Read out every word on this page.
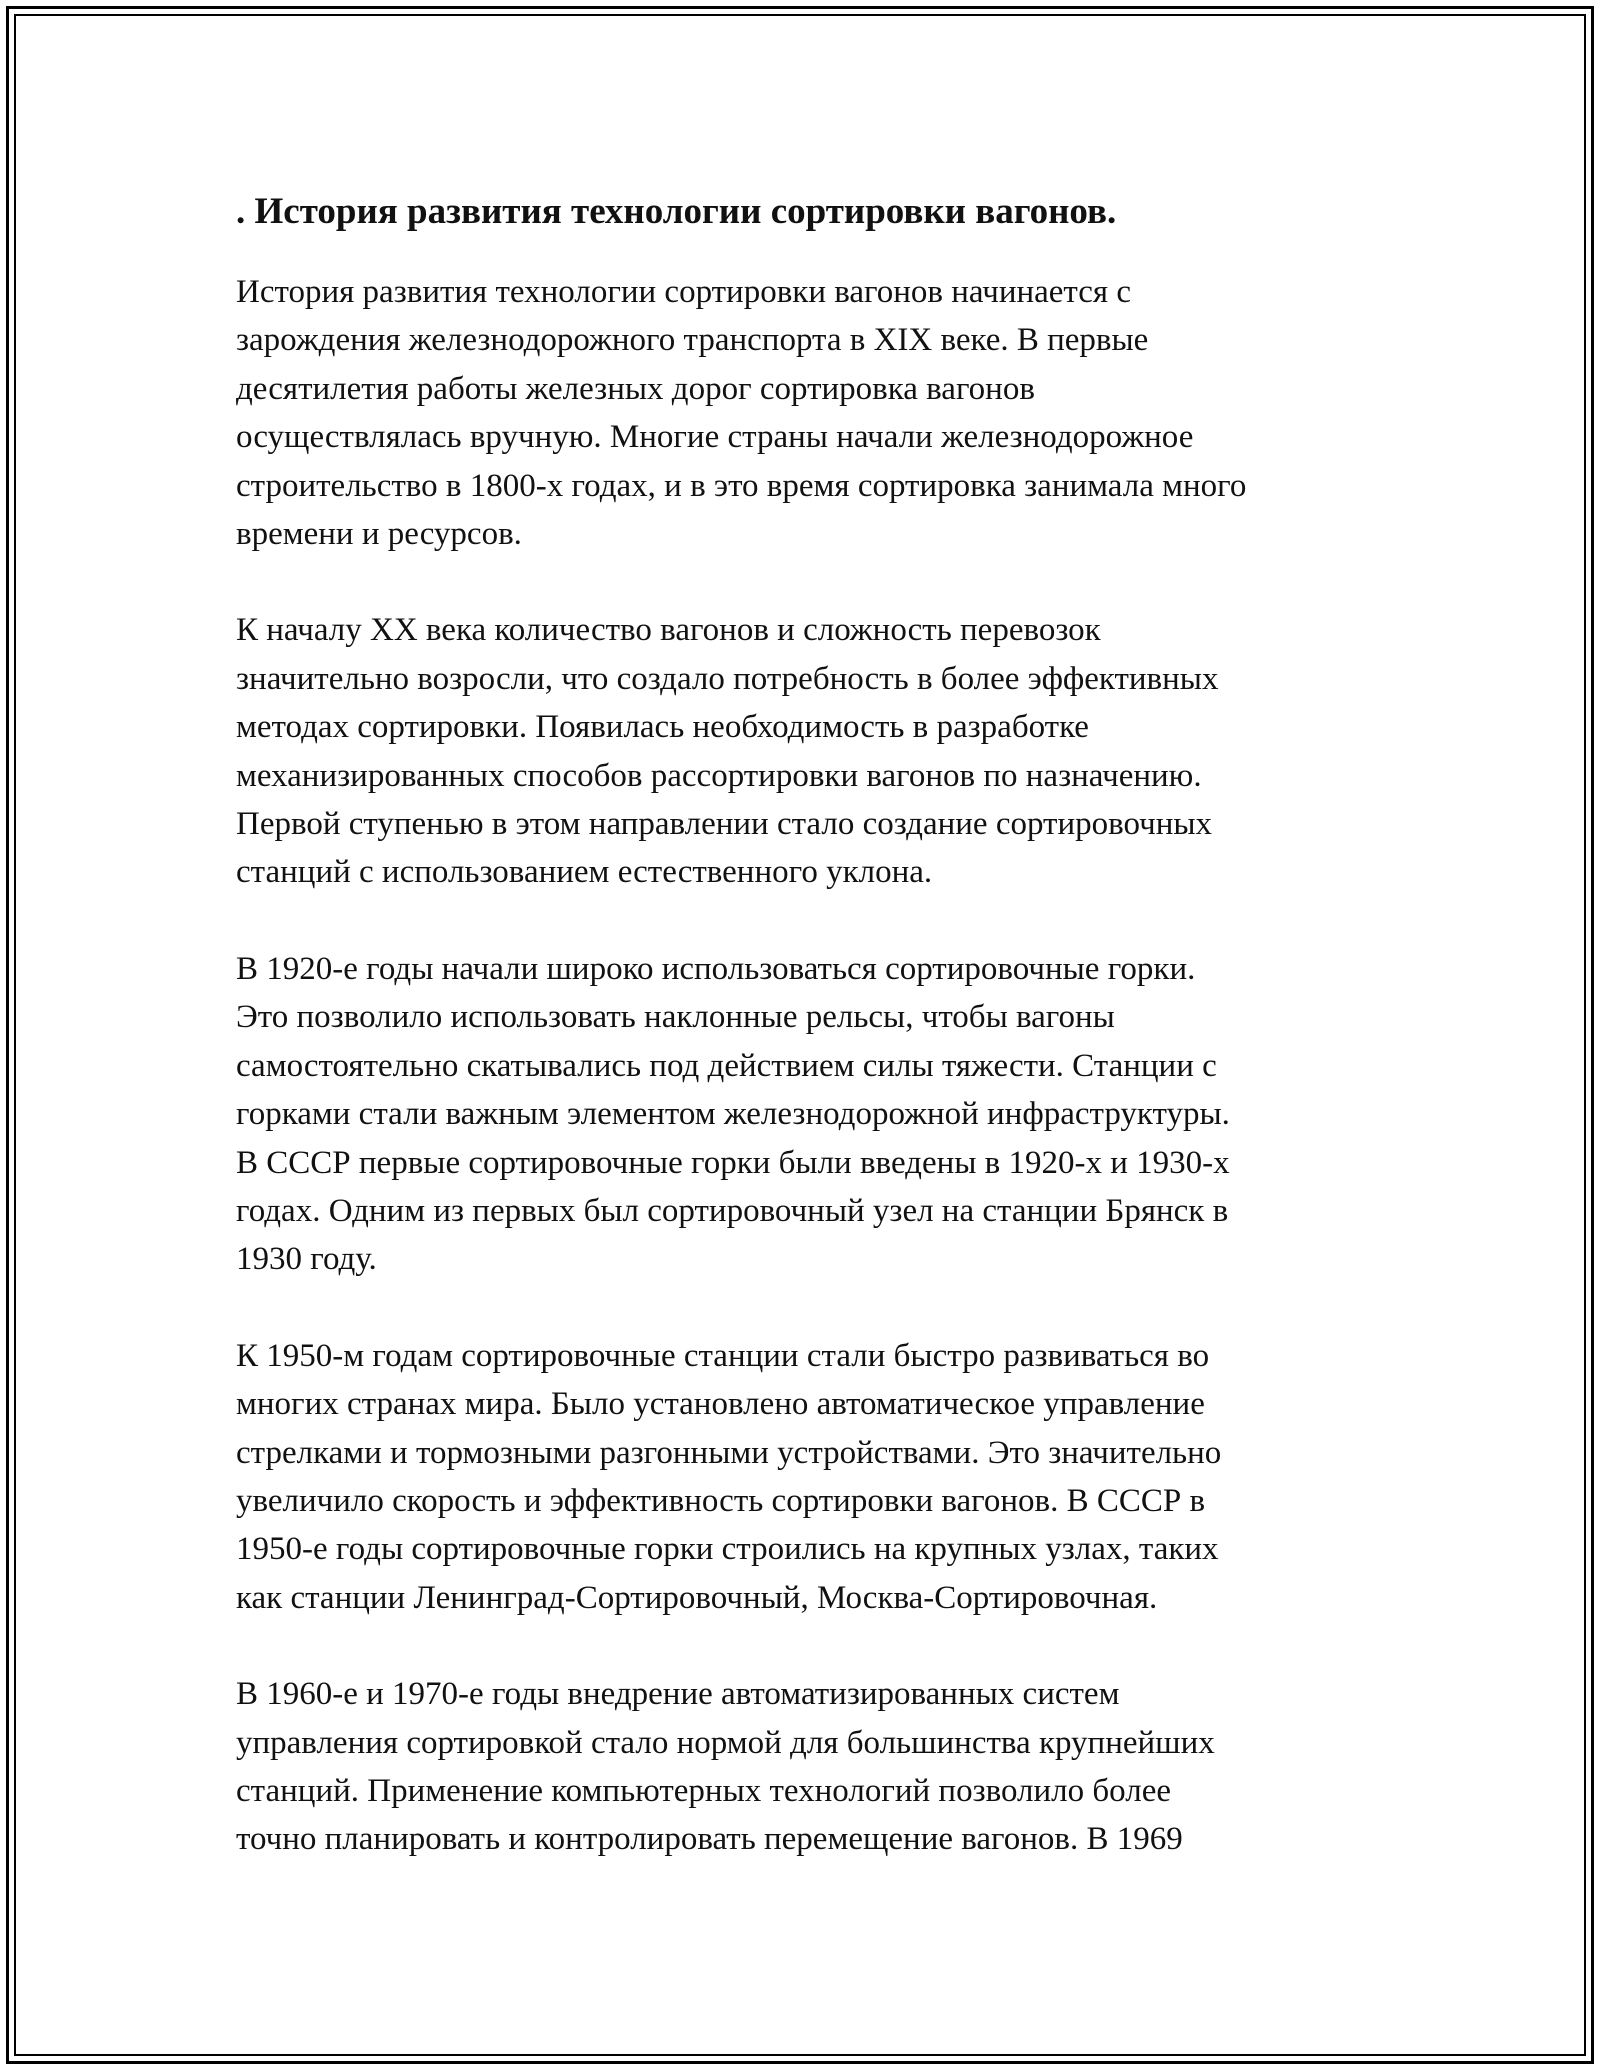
. История развития технологии сортировки вагонов.
История развития технологии сортировки вагонов начинается с
зарождения железнодорожного транспорта в XIX веке. В первые
десятилетия работы железных дорог сортировка вагонов
осуществлялась вручную. Многие страны начали железнодорожное
строительство в 1800-х годах, и в это время сортировка занимала много
времени и ресурсов.
К началу XX века количество вагонов и сложность перевозок
значительно возросли, что создало потребность в более эффективных
методах сортировки. Появилась необходимость в разработке
механизированных способов рассортировки вагонов по назначению.
Первой ступенью в этом направлении стало создание сортировочных
станций с использованием естественного уклона.
В 1920-е годы начали широко использоваться сортировочные горки.
Это позволило использовать наклонные рельсы, чтобы вагоны
самостоятельно скатывались под действием силы тяжести. Станции с
горками стали важным элементом железнодорожной инфраструктуры.
В СССР первые сортировочные горки были введены в 1920-х и 1930-х
годах. Одним из первых был сортировочный узел на станции Брянск в
1930 году.
К 1950-м годам сортировочные станции стали быстро развиваться во
многих странах мира. Было установлено автоматическое управление
стрелками и тормозными разгонными устройствами. Это значительно
увеличило скорость и эффективность сортировки вагонов. В СССР в
1950-е годы сортировочные горки строились на крупных узлах, таких
как станции Ленинград-Сортировочный, Москва-Сортировочная.
В 1960-е и 1970-е годы внедрение автоматизированных систем
управления сортировкой стало нормой для большинства крупнейших
станций. Применение компьютерных технологий позволило более
точно планировать и контролировать перемещение вагонов. В 1969
